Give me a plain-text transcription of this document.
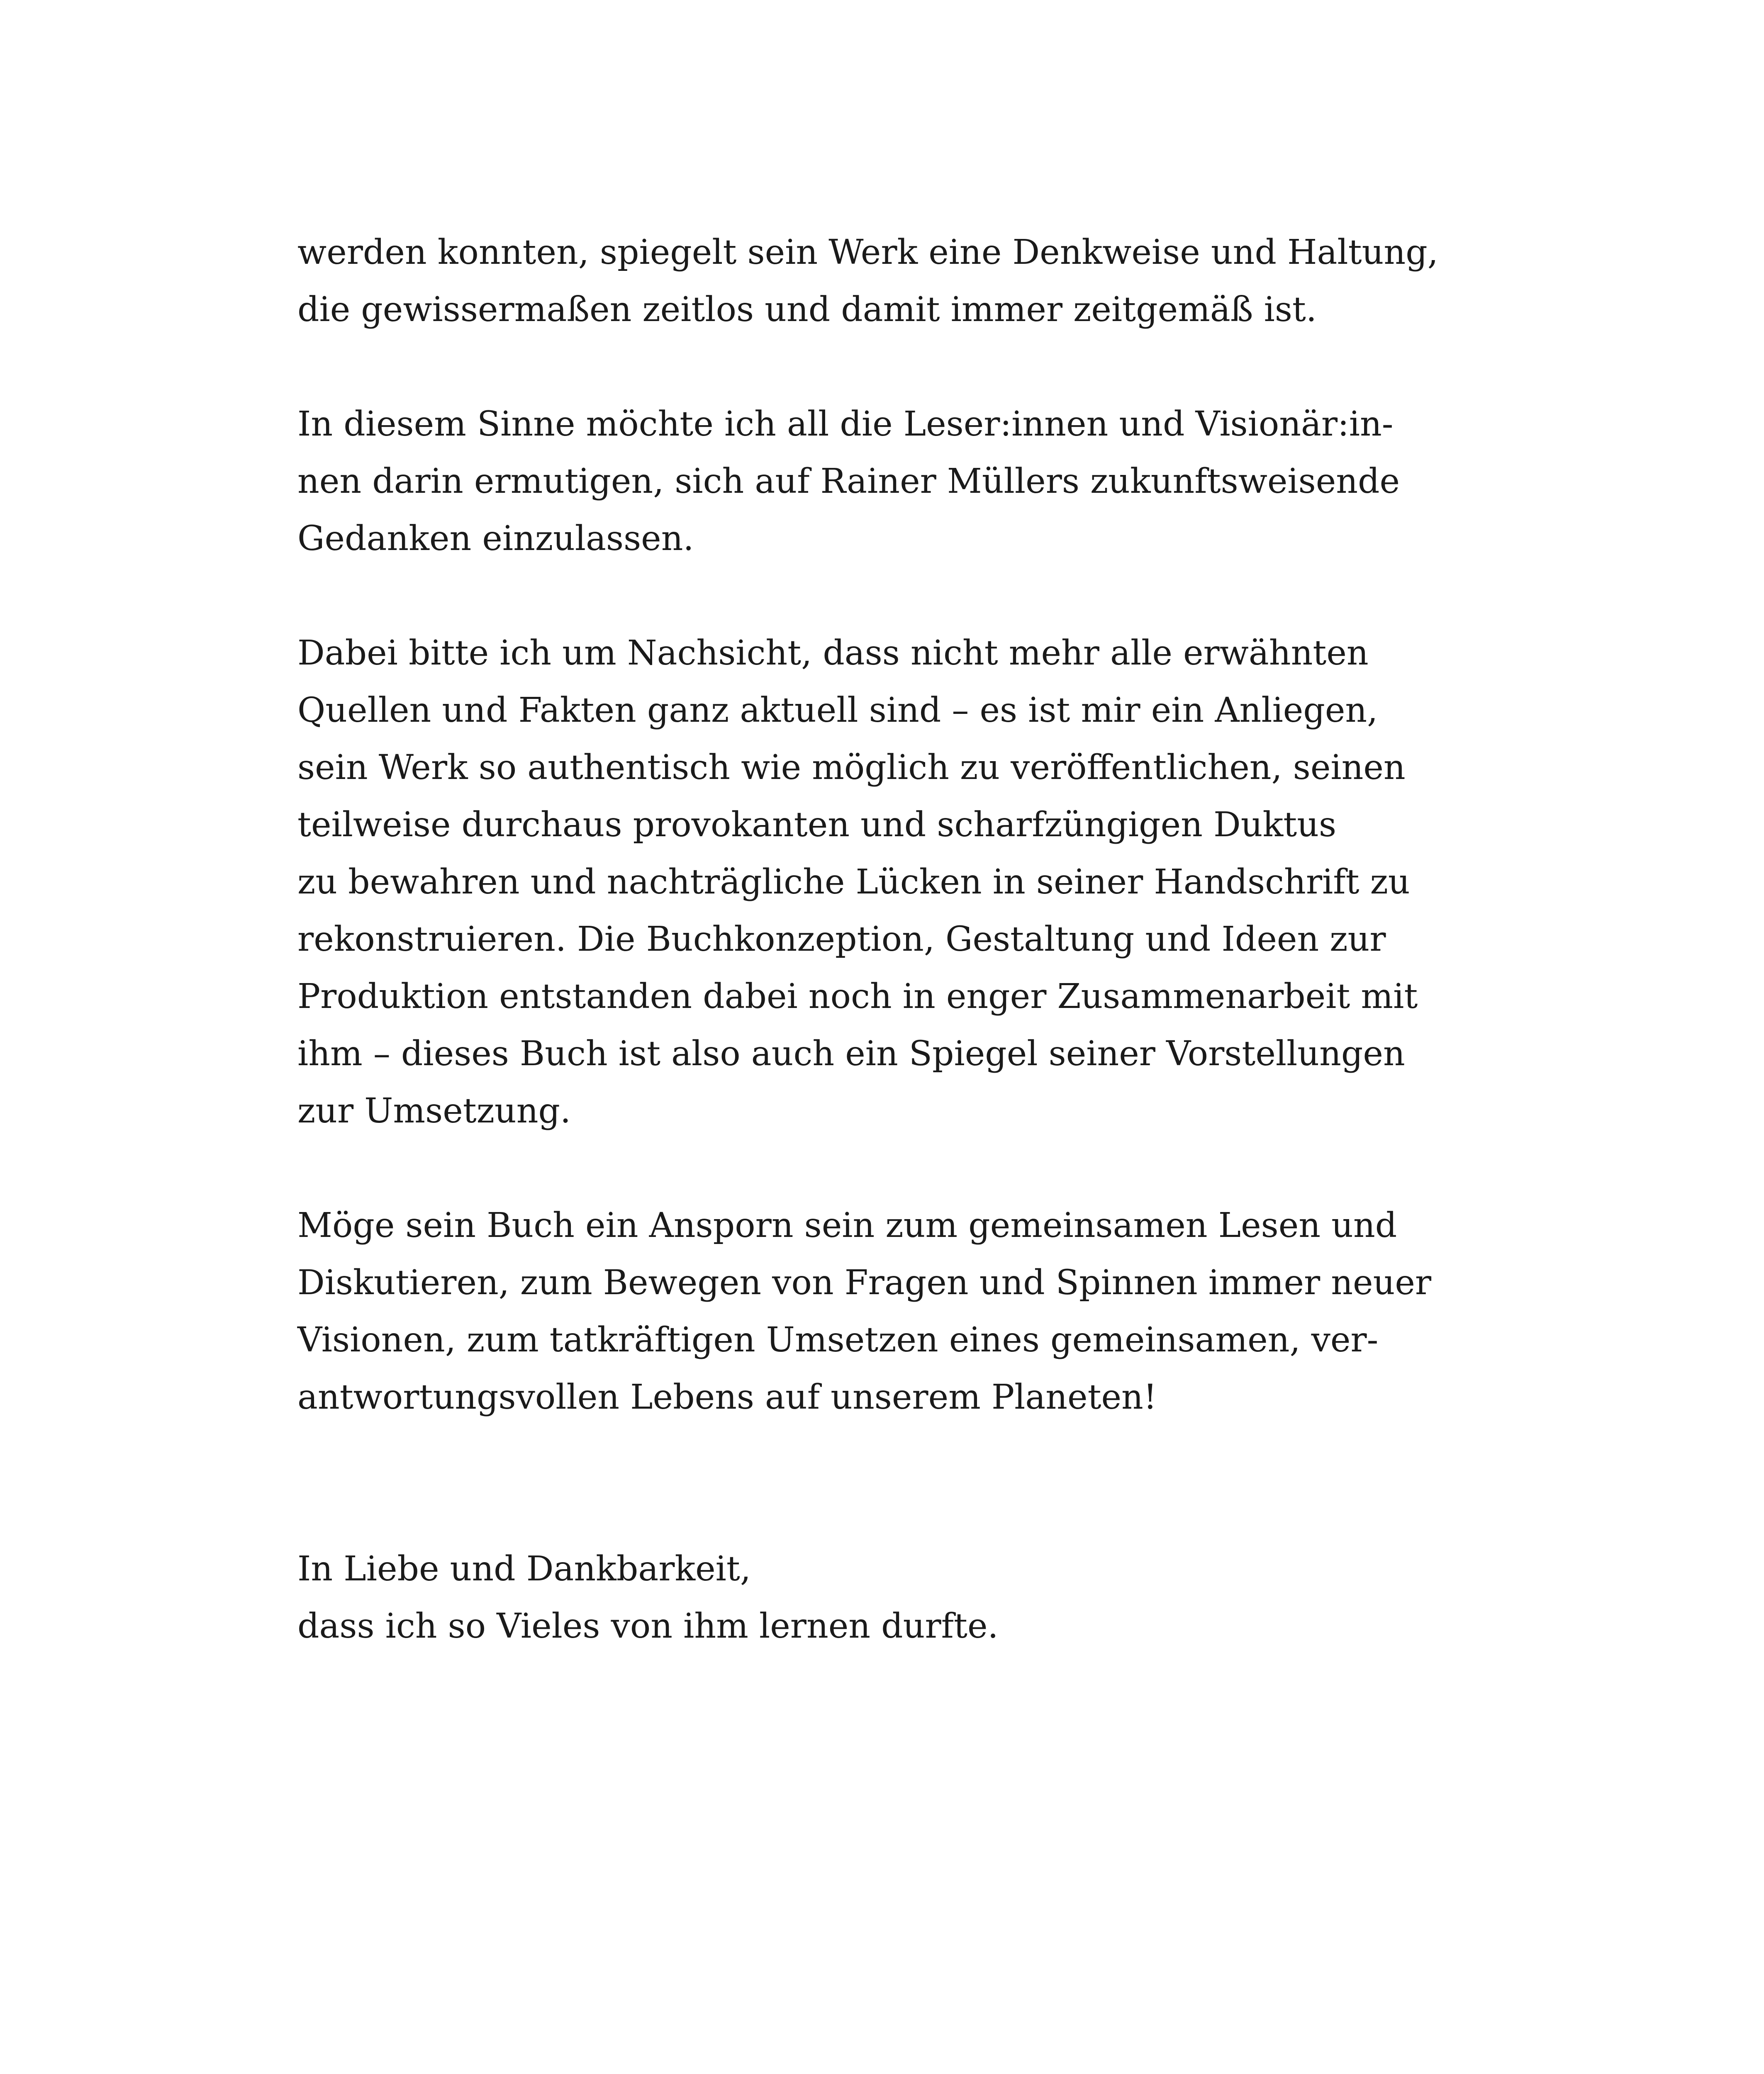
werden konnten, spiegelt sein Werk eine Denkweise und Haltung,
die gewissermaßen zeitlos und damit immer zeitgemäß ist.

In diesem Sinne möchte ich all die Leser:innen und Visionär:in-
nen darin ermutigen, sich auf Rainer Müllers zukunftsweisende
Gedanken einzulassen.

Dabei bitte ich um Nachsicht, dass nicht mehr alle erwähnten
Quellen und Fakten ganz aktuell sind – es ist mir ein Anliegen,
sein Werk so authentisch wie möglich zu veröffentlichen, seinen
teilweise durchaus provokanten und scharfzüngigen Duktus
zu bewahren und nachträgliche Lücken in seiner Handschrift zu
rekonstruieren. Die Buchkonzeption, Gestaltung und Ideen zur
Produktion entstanden dabei noch in enger Zusammenarbeit mit
ihm – dieses Buch ist also auch ein Spiegel seiner Vorstellungen
zur Umsetzung.

Möge sein Buch ein Ansporn sein zum gemeinsamen Lesen und
Diskutieren, zum Bewegen von Fragen und Spinnen immer neuer
Visionen, zum tatkräftigen Umsetzen eines gemeinsamen, ver-
antwortungsvollen Lebens auf unserem Planeten!

In Liebe und Dankbarkeit,
dass ich so Vieles von ihm lernen durfte.
